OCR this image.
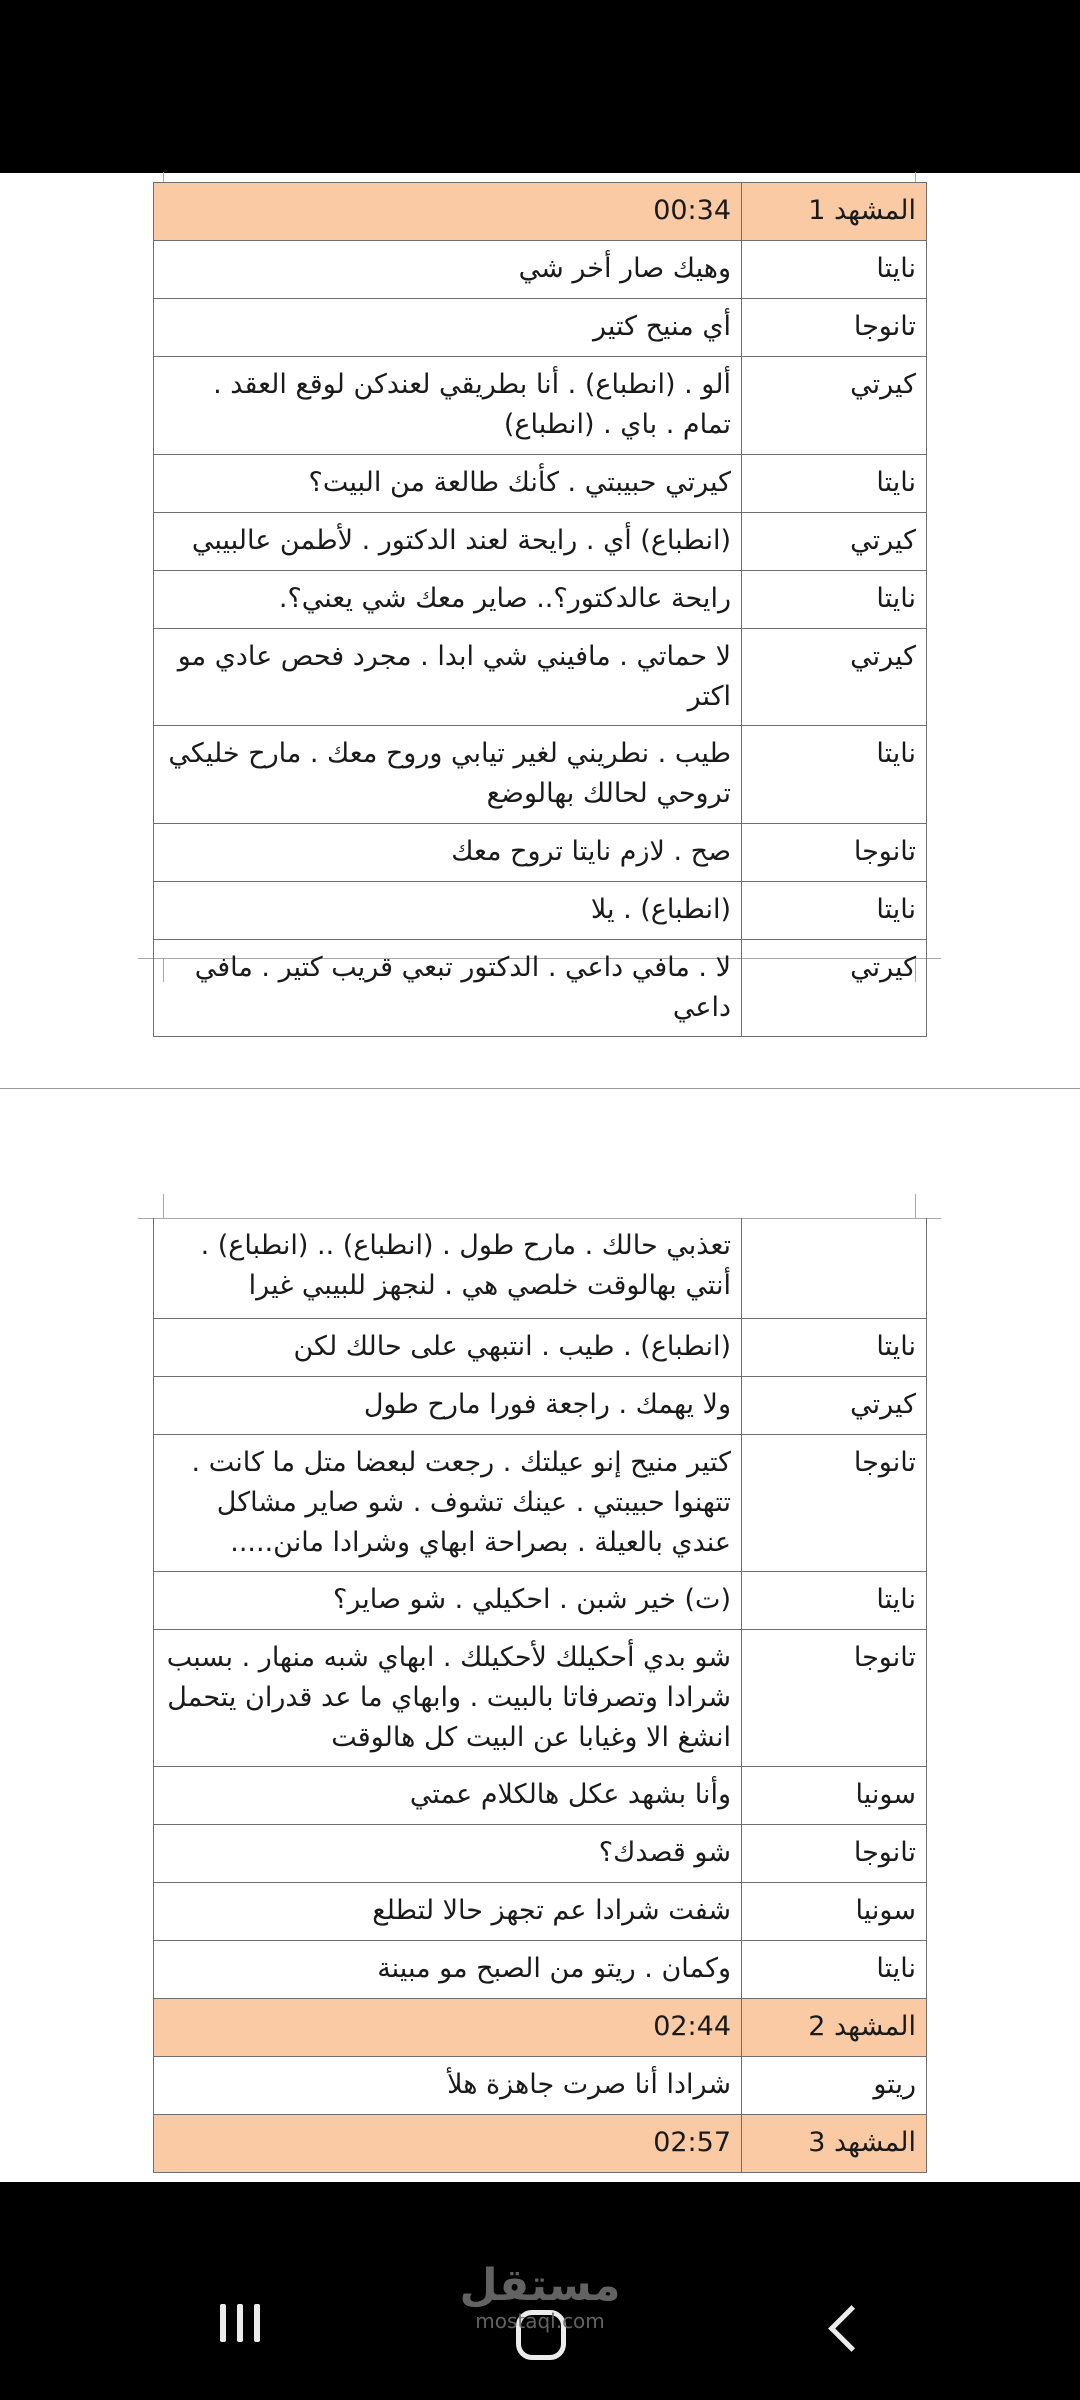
المشهد 1	00:34
نايتا	وهيك صار أخر شي
تانوجا	أي منيح كتير
كيرتي	ألو . (انطباع) . أنا بطريقي لعندكن لوقع العقد . تمام . باي . (انطباع)
نايتا	كيرتي حبيبتي . كأنك طالعة من البيت؟
كيرتي	(انطباع) أي . رايحة لعند الدكتور . لأطمن عالبيبي
نايتا	رايحة عالدكتور؟.. صاير معك شي يعني؟.
كيرتي	لا حماتي . مافيني شي ابدا . مجرد فحص عادي مو اكتر
نايتا	طيب . نطريني لغير تيابي وروح معك . مارح خليكي تروحي لحالك بهالوضع
تانوجا	صح . لازم نايتا تروح معك
نايتا	(انطباع) . يلا
كيرتي	لا . مافي داعي . الدكتور تبعي قريب كتير . مافي داعي
	تعذبي حالك . مارح طول . (انطباع) .. (انطباع) . أنتي بهالوقت خلصي هي . لنجهز للبيبي غيرا
نايتا	(انطباع) . طيب . انتبهي على حالك لكن
كيرتي	ولا يهمك . راجعة فورا مارح طول
تانوجا	كتير منيح إنو عيلتك . رجعت لبعضا متل ما كانت . تتهنوا حبيبتي . عينك تشوف . شو صاير مشاكل عندي بالعيلة . بصراحة ابهاي وشرادا مانن.....
نايتا	(ت) خير شبن . احكيلي . شو صاير؟
تانوجا	شو بدي أحكيلك لأحكيلك . ابهاي شبه منهار . بسبب شرادا وتصرفاتا بالبيت . وابهاي ما عد قدران يتحمل انشغ الا وغيابا عن البيت كل هالوقت
سونيا	وأنا بشهد عكل هالكلام عمتي
تانوجا	شو قصدك؟
سونيا	شفت شرادا عم تجهز حالا لتطلع
نايتا	وكمان . ريتو من الصبح مو مبينة
المشهد 2	02:44
ريتو	شرادا أنا صرت جاهزة هلأ
المشهد 3	02:57
مستقل
mostaql.com
